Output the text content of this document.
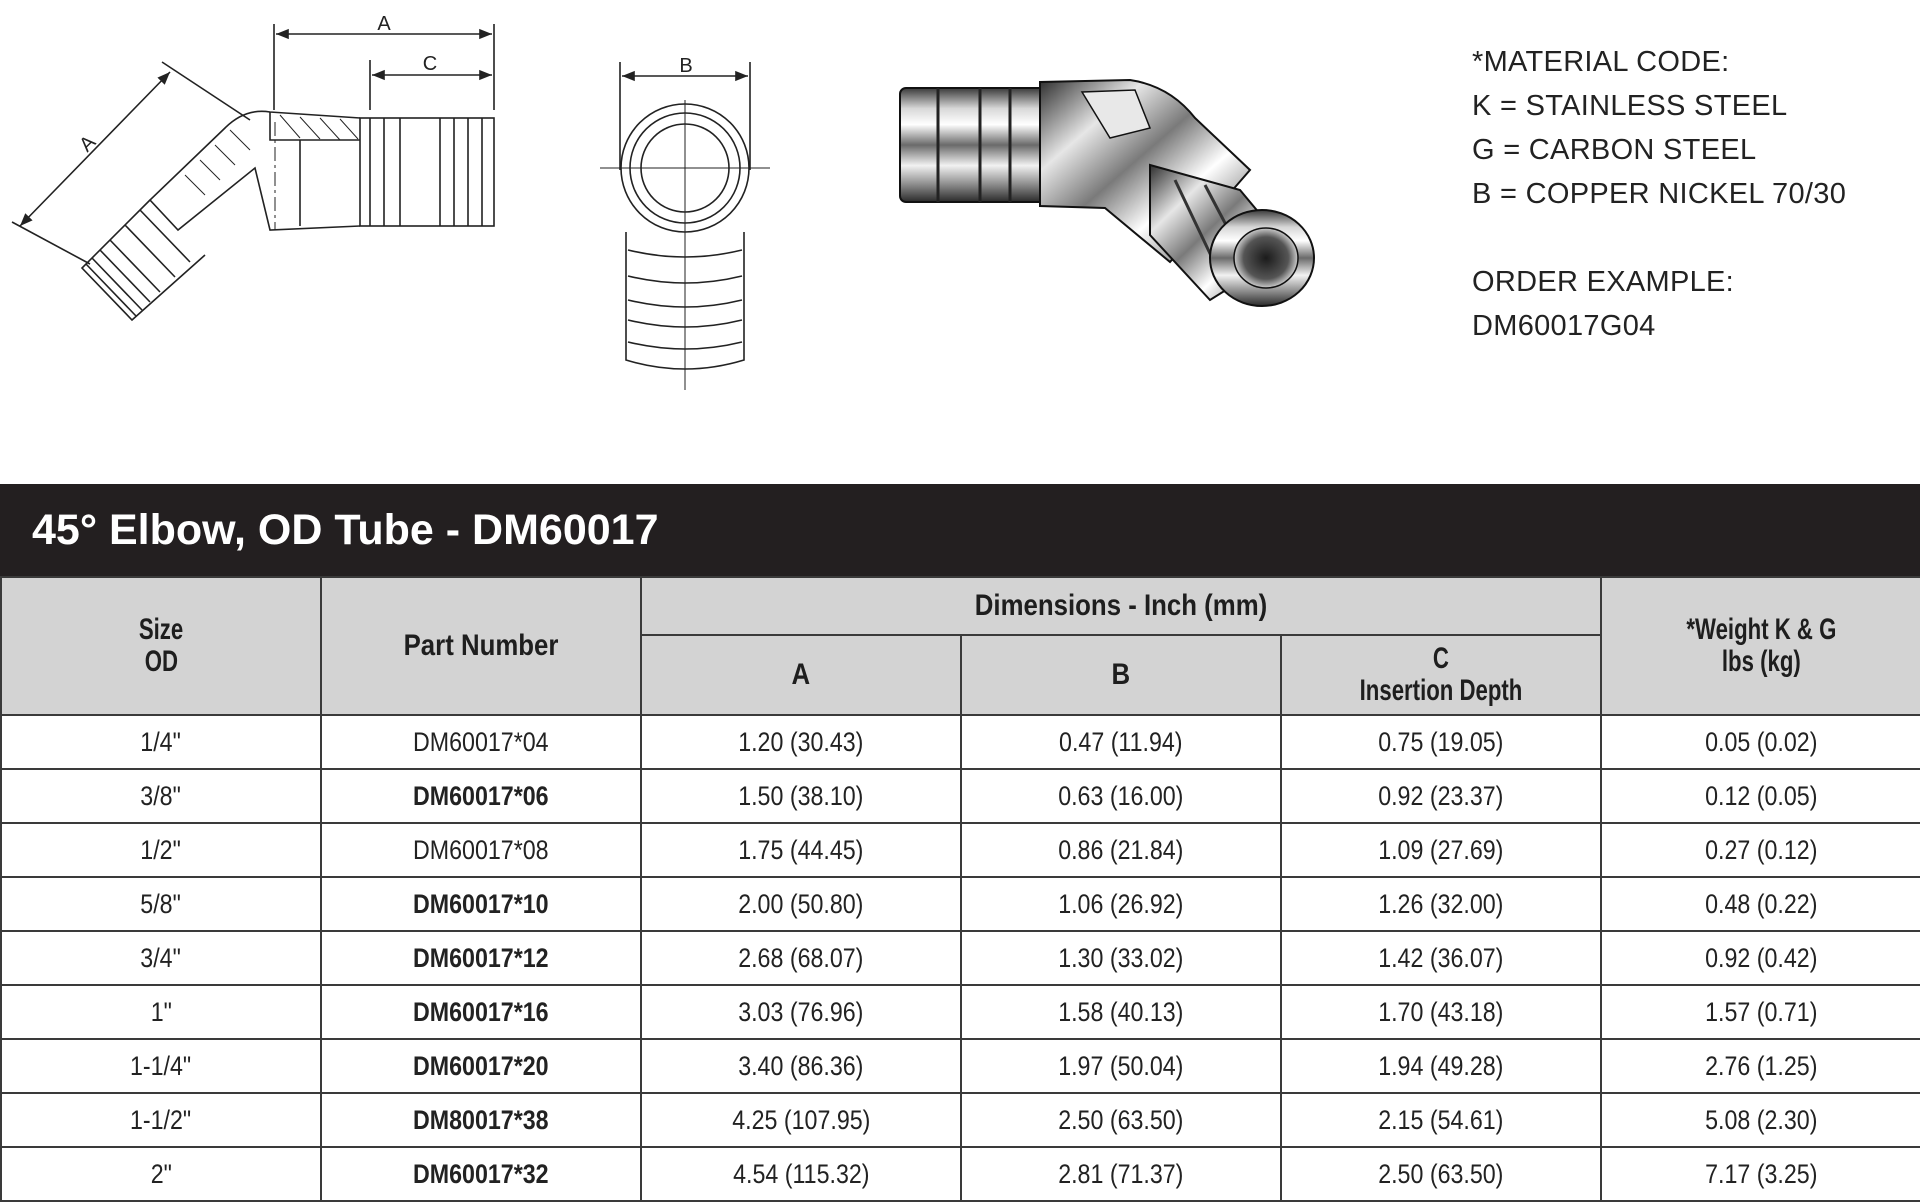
A
C
A
B	*MATERIAL CODE:
K = STAINLESS STEEL
G = CARBON STEEL
B = COPPER NICKEL 70/30
ORDER EXAMPLE:
DM60017G04
45° Elbow, OD Tube - DM60017
Size
OD	Part Number	Dimensions - Inch (mm)			*Weight K & G
lbs (kg)
		A	B	C
Insertion Depth	
1/4"	DM60017*04	1.20 (30.43)	0.47 (11.94)	0.75 (19.05)	0.05 (0.02)
3/8"	DM60017*06	1.50 (38.10)	0.63 (16.00)	0.92 (23.37)	0.12 (0.05)
1/2"	DM60017*08	1.75 (44.45)	0.86 (21.84)	1.09 (27.69)	0.27 (0.12)
5/8"	DM60017*10	2.00 (50.80)	1.06 (26.92)	1.26 (32.00)	0.48 (0.22)
3/4"	DM60017*12	2.68 (68.07)	1.30 (33.02)	1.42 (36.07)	0.92 (0.42)
1"	DM60017*16	3.03 (76.96)	1.58 (40.13)	1.70 (43.18)	1.57 (0.71)
1-1/4"	DM60017*20	3.40 (86.36)	1.97 (50.04)	1.94 (49.28)	2.76 (1.25)
1-1/2"	DM80017*38	4.25 (107.95)	2.50 (63.50)	2.15 (54.61)	5.08 (2.30)
2"	DM60017*32	4.54 (115.32)	2.81 (71.37)	2.50 (63.50)	7.17 (3.25)
